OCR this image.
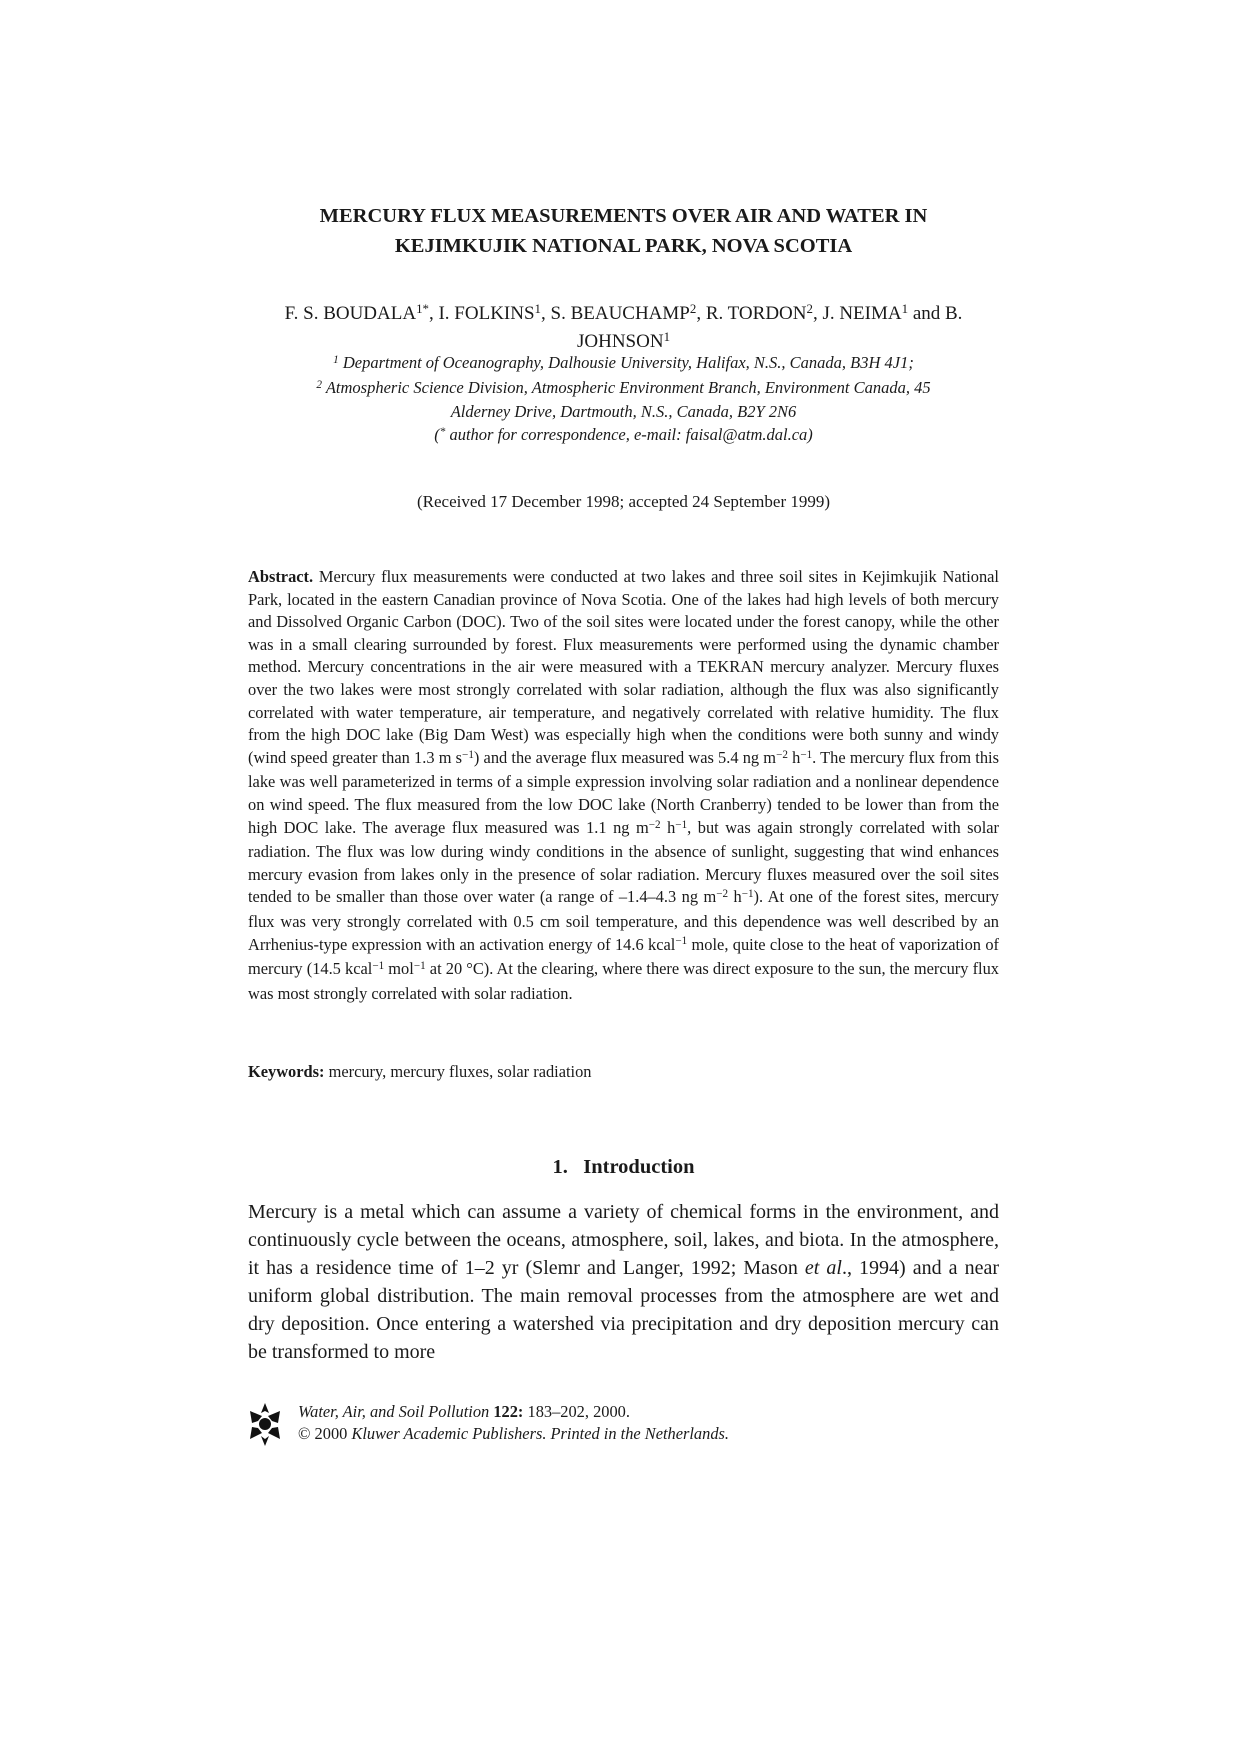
MERCURY FLUX MEASUREMENTS OVER AIR AND WATER IN
KEJIMKUJIK NATIONAL PARK, NOVA SCOTIA
F. S. $BOUDALA^{1*}$, I. FOLKINS$^1$, S. BEAUCHAMP$^2$, R. TORDON$^2$, J. NEIMA$^1$ and B.
JOHNSON$^1$
$^1$ Department of Oceanography, Dalhousie University, Halifax, N.S., Canada, B3H 4J1;
$^2$ Atmospheric Science Division, Atmospheric Environment Branch, Environment Canada, 45
Alderney Drive, Dartmouth, N.S., Canada, B2Y 2N6
(* author for correspondence, e-mail: faisal@atm.dal.ca)
(Received 17 December 1998; accepted 24 September 1999)
Abstract. Mercury flux measurements were conducted at two lakes and three soil sites in Kejimkujik National Park, located in the eastern Canadian province of Nova Scotia. One of the lakes had high levels of both mercury and Dissolved Organic Carbon (DOC). Two of the soil sites were located under the forest canopy, while the other was in a small clearing surrounded by forest. Flux measurements were performed using the dynamic chamber method. Mercury concentrations in the air were measured with a TEKRAN mercury analyzer. Mercury fluxes over the two lakes were most strongly correlated with solar radiation, although the flux was also significantly correlated with water temperature, air temperature, and negatively correlated with relative humidity. The flux from the high DOC lake (Big Dam West) was especially high when the conditions were both sunny and windy (wind speed greater than 1.3 m $s^{-1}$) and the average flux measured was 5.4 ng $m^{-2}$ $h^{-1}$. The mercury flux from this lake was well parameterized in terms of a simple expression involving solar radiation and a nonlinear dependence on wind speed. The flux measured from the low DOC lake (North Cranberry) tended to be lower than from the high DOC lake. The average flux measured was 1.1 ng $m^{-2}$ $h^{-1}$, but was again strongly correlated with solar radiation. The flux was low during windy conditions in the absence of sunlight, suggesting that wind enhances mercury evasion from lakes only in the presence of solar radiation. Mercury fluxes measured over the soil sites tended to be smaller than those over water (a range of –1.4–4.3 ng $m^{-2}$ $h^{-1}$). At one of the forest sites, mercury flux was very strongly correlated with 0.5 cm soil temperature, and this dependence was well described by an Arrhenius-type expression with an activation energy of 14.6 kcal$^{-1}$ mole, quite close to the heat of vaporization of mercury (14.5 kcal$^{-1}$ mol$^{-1}$ at 20 °C). At the clearing, where there was direct exposure to the sun, the mercury flux was most strongly correlated with solar radiation.
Keywords: mercury, mercury fluxes, solar radiation
1. Introduction
Mercury is a metal which can assume a variety of chemical forms in the environment, and continuously cycle between the oceans, atmosphere, soil, lakes, and biota. In the atmosphere, it has a residence time of 1–2 yr (Slemr and Langer, 1992; Mason et al., 1994) and a near uniform global distribution. The main removal processes from the atmosphere are wet and dry deposition. Once entering a watershed via precipitation and dry deposition mercury can be transformed to more
Water, Air, and Soil Pollution 122: 183–202, 2000.
© 2000 Kluwer Academic Publishers. Printed in the Netherlands.
